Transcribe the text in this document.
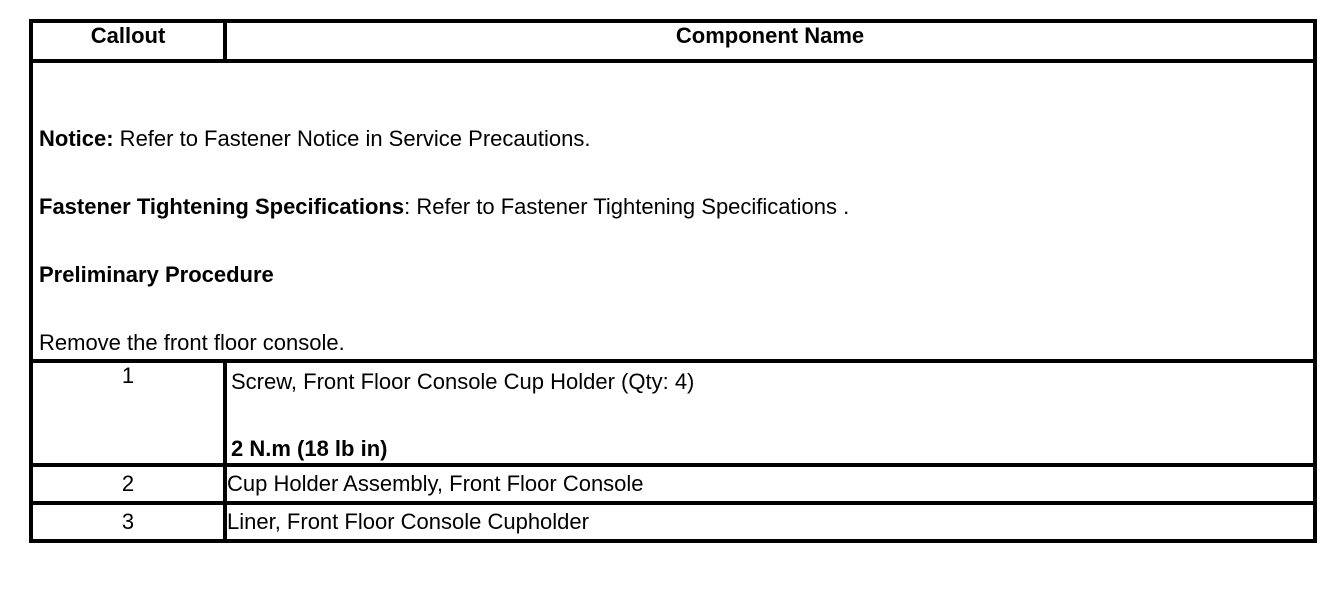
Callout	Component Name

Notice: Refer to Fastener Notice in Service Precautions.

Fastener Tightening Specifications: Refer to Fastener Tightening Specifications .

Preliminary Procedure

Remove the front floor console.	

1	Screw, Front Floor Console Cup Holder (Qty: 4)
2 N.m (18 lb in)

2	Cup Holder Assembly, Front Floor Console
3	Liner, Front Floor Console Cupholder
